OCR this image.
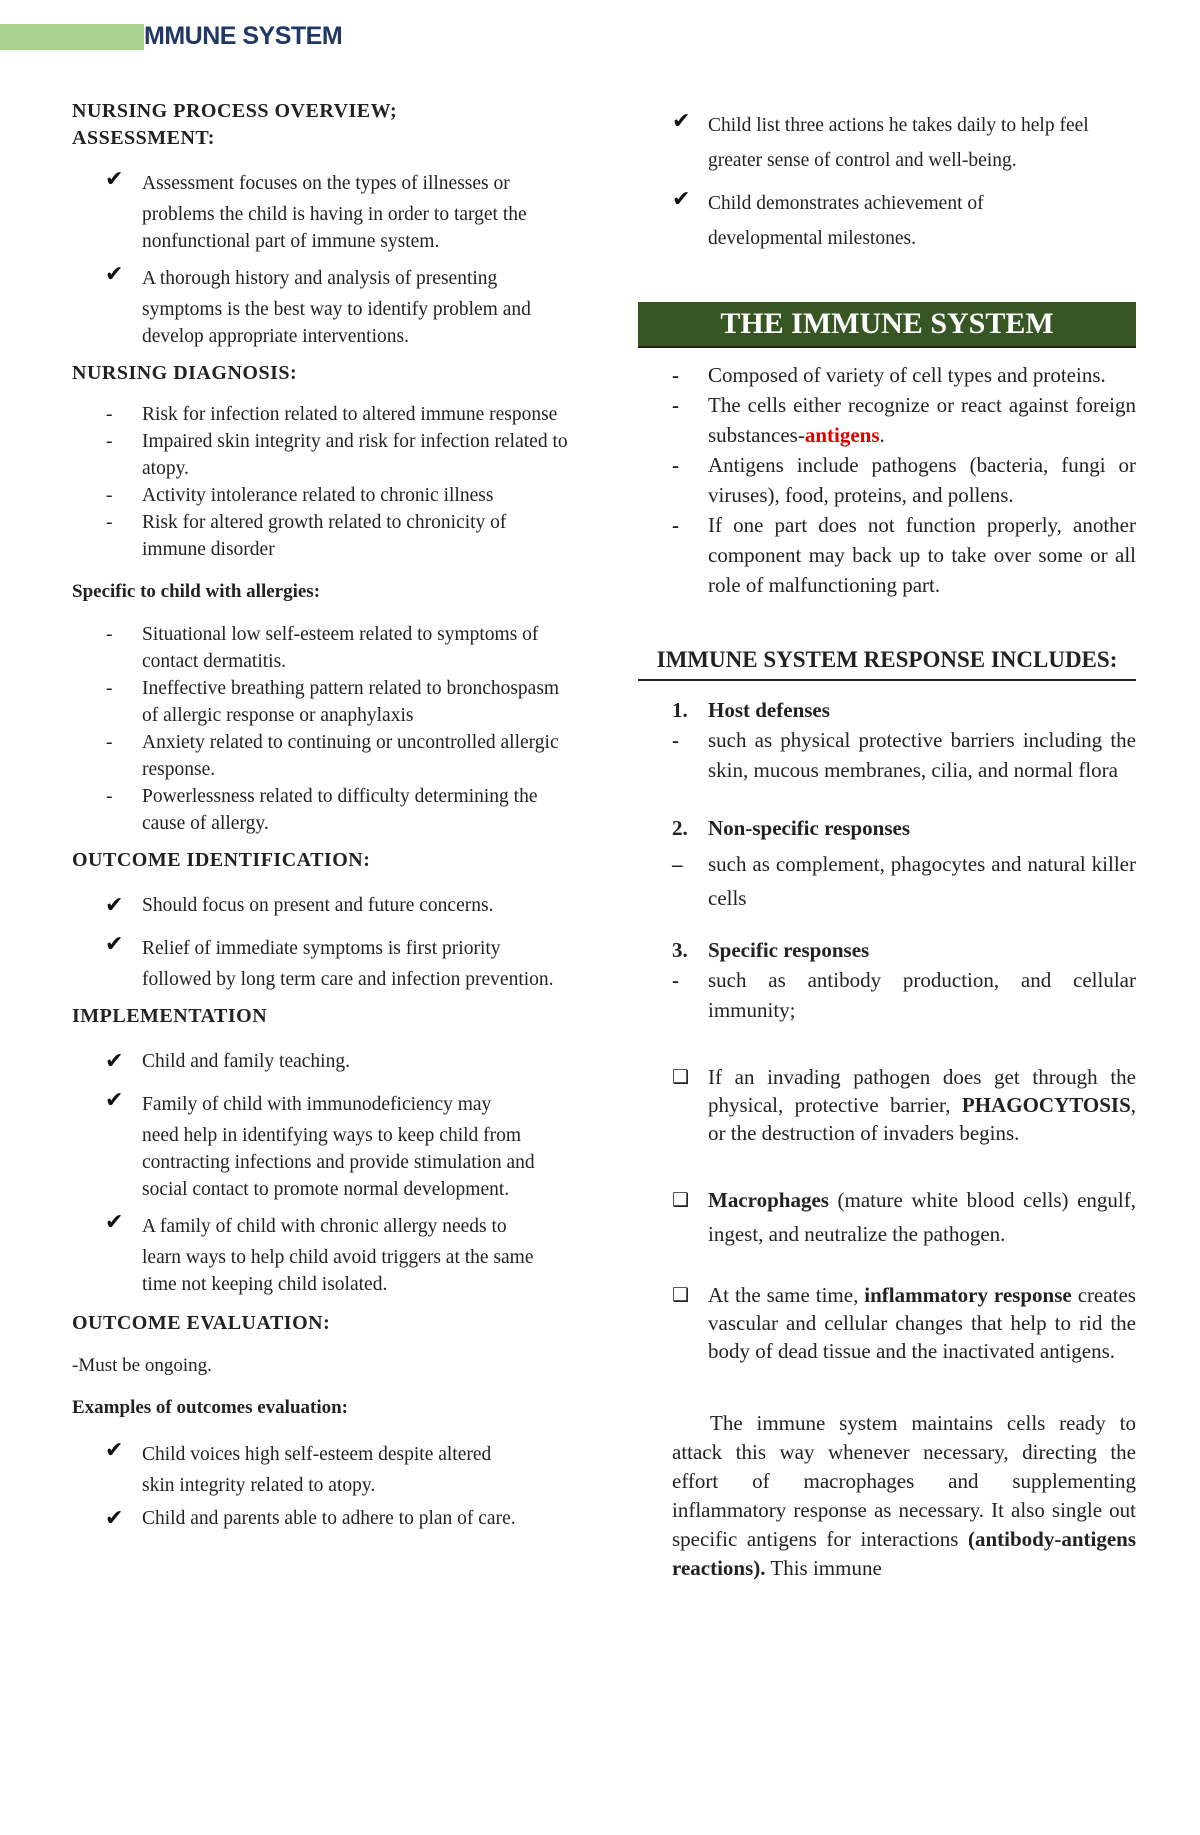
MMUNE SYSTEM

NURSING PROCESS OVERVIEW;

ASSESSMENT:

✔ Assessment focuses on the types of illnesses or
problems the child is having in order to target the nonfunctional part of immune system.
✔ A thorough history and analysis of presenting
symptoms is the best way to identify problem and develop appropriate interventions.

NURSING DIAGNOSIS:

- Risk for infection related to altered immune response
- Impaired skin integrity and risk for infection related to atopy.
- Activity intolerance related to chronic illness
- Risk for altered growth related to chronicity of immune disorder

Specific to child with allergies:

- Situational low self-esteem related to symptoms of contact dermatitis.
- Ineffective breathing pattern related to bronchospasm of allergic response or anaphylaxis
- Anxiety related to continuing or uncontrolled allergic response.
- Powerlessness related to difficulty determining the cause of allergy.

OUTCOME IDENTIFICATION:

✔ Should focus on present and future concerns.
✔ Relief of immediate symptoms is first priority
followed by long term care and infection prevention.

IMPLEMENTATION

✔ Child and family teaching.
✔ Family of child with immunodeficiency may
need help in identifying ways to keep child from contracting infections and provide stimulation and social contact to promote normal development.
✔ A family of child with chronic allergy needs to
learn ways to help child avoid triggers at the same time not keeping child isolated.

OUTCOME EVALUATION:

-Must be ongoing.

Examples of outcomes evaluation:

✔ Child voices high self-esteem despite altered
skin integrity related to atopy.
✔ Child and parents able to adhere to plan of care.
✔ Child list three actions he takes daily to help feel
greater sense of control and well-being.
✔ Child demonstrates achievement of
developmental milestones.
THE IMMUNE SYSTEM
- Composed of variety of cell types and proteins.
- The cells either recognize or react against foreign substances-antigens.
- Antigens include pathogens (bacteria, fungi or viruses), food, proteins, and pollens.
- If one part does not function properly, another component may back up to take over some or all role of malfunctioning part.
IMMUNE SYSTEM RESPONSE INCLUDES:
1. Host defenses
- such as physical protective barriers including the skin, mucous membranes, cilia, and normal flora
2. Non-specific responses
– such as complement, phagocytes and natural killer cells
3. Specific responses
- such as antibody production, and cellular immunity;
❑ If an invading pathogen does get through the physical, protective barrier, PHAGOCYTOSIS, or the destruction of invaders begins.
❑ Macrophages (mature white blood cells) engulf, ingest, and neutralize the pathogen.
❑ At the same time, inflammatory response creates vascular and cellular changes that help to rid the body of dead tissue and the inactivated antigens.

The immune system maintains cells ready to attack this way whenever necessary, directing the effort of macrophages and supplementing inflammatory response as necessary. It also single out specific antigens for interactions (antibody-antigens reactions). This immune
